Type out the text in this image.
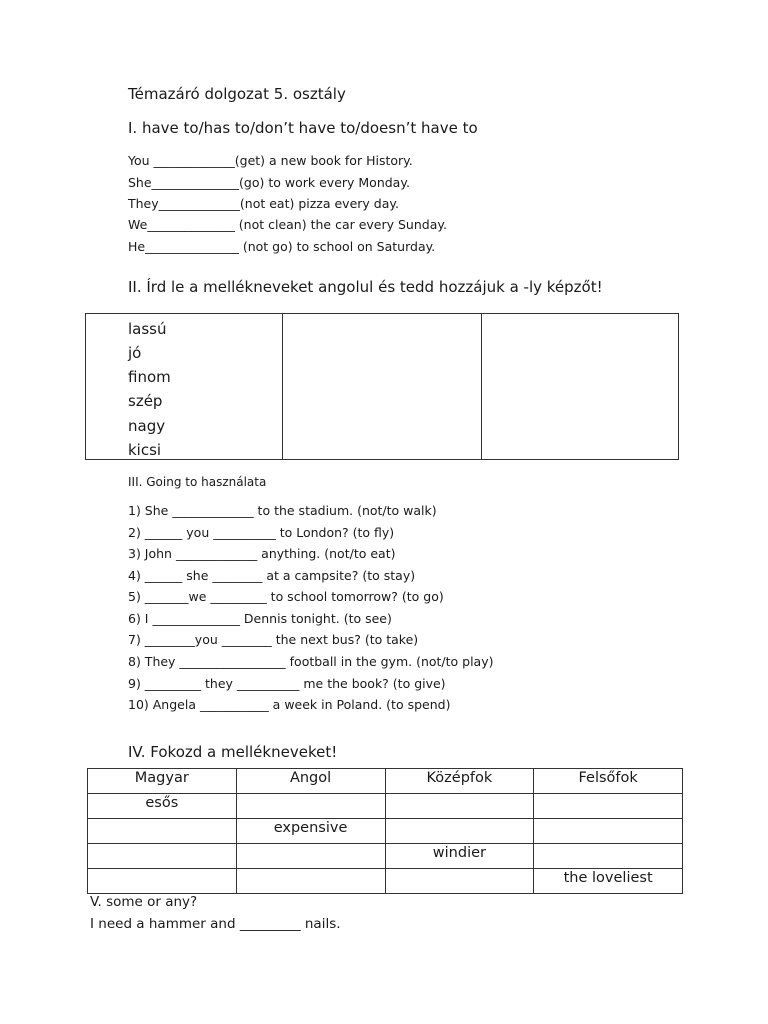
Témazáró dolgozat 5. osztály
I. have to/has to/don’t have to/doesn’t have to
You _____________(get) a new book for History.
She______________(go) to work every Monday.
They_____________(not eat) pizza every day.
We______________ (not clean) the car every Sunday.
He_______________ (not go) to school on Saturday.
II. Írd le a mellékneveket angolul és tedd hozzájuk a -ly képzőt!

lassú
jó
finom
szép
nagy
kicsi
III. Going to használata
1) She _____________ to the stadium. (not/to walk)
2) ______ you __________ to London? (to fly)
3) John _____________ anything. (not/to eat)
4) ______ she ________ at a campsite? (to stay)
5) _______we _________ to school tomorrow? (to go)
6) I ______________ Dennis tonight. (to see)
7) ________you ________ the next bus? (to take)
8) They _________________ football in the gym. (not/to play)
9) _________ they __________ me the book? (to give)
10) Angela ___________ a week in Poland. (to spend)
IV. Fokozd a mellékneveket!
Magyar	Angol	Középfok	Felsőfok
esős			
	expensive		
		windier	
			the loveliest
V. some or any?
I need a hammer and _________ nails.
